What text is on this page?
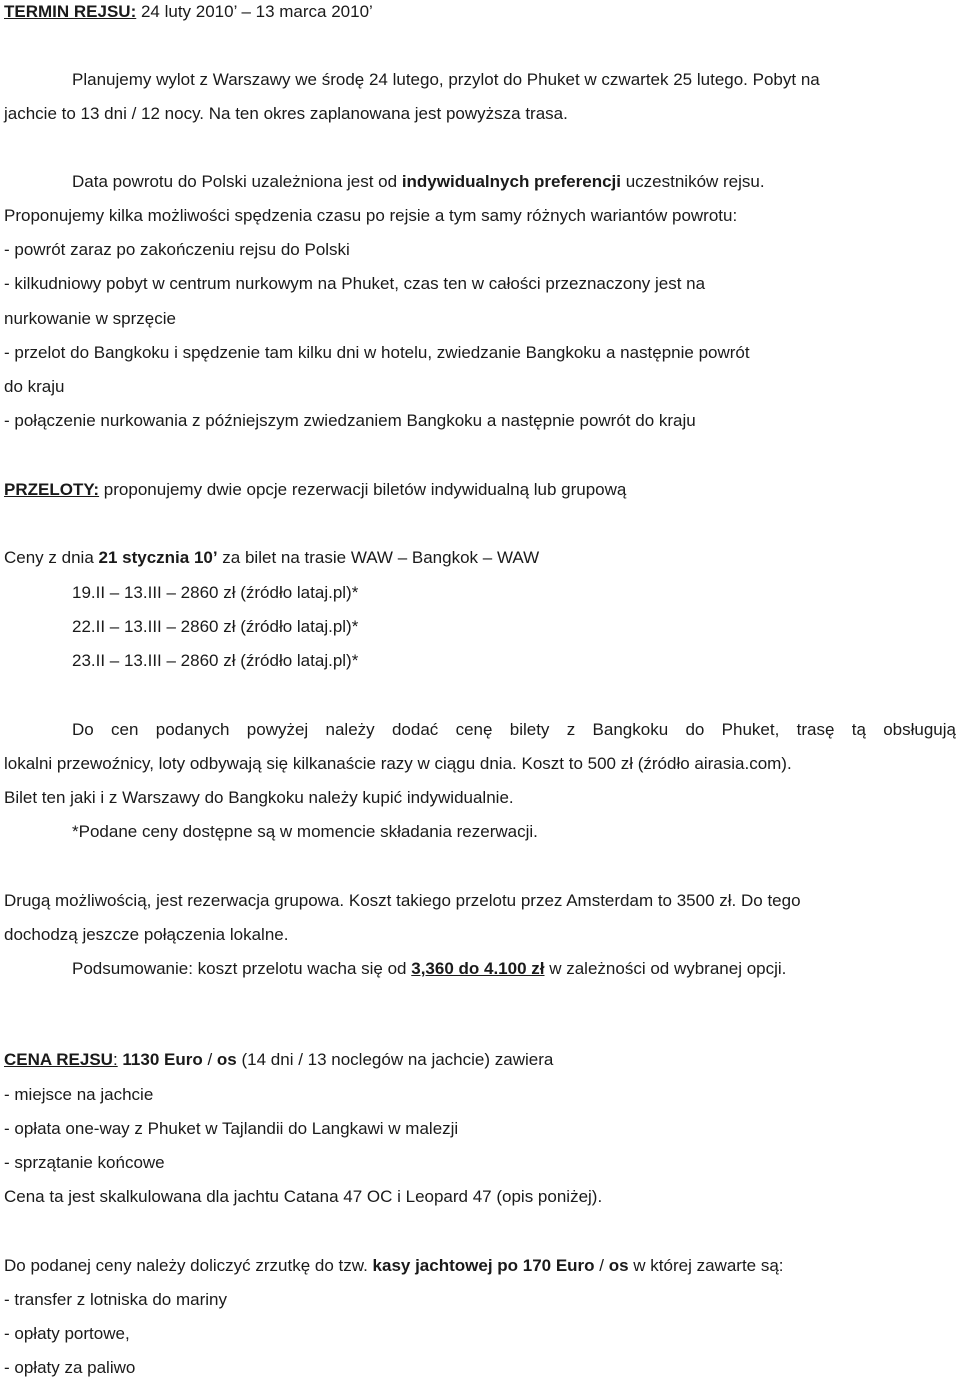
TERMIN REJSU: 24 luty 2010’ – 13 marca 2010’
Planujemy wylot z Warszawy we środę 24 lutego, przylot do Phuket w czwartek 25 lutego. Pobyt na
jachcie to 13 dni / 12 nocy. Na ten okres zaplanowana jest powyższa trasa.
Data powrotu do Polski uzależniona jest od indywidualnych preferencji uczestników rejsu.
Proponujemy kilka możliwości spędzenia czasu po rejsie a tym samy różnych wariantów powrotu:
- powrót zaraz po zakończeniu rejsu do Polski
- kilkudniowy pobyt w centrum nurkowym na Phuket, czas ten w całości przeznaczony jest na
nurkowanie w sprzęcie
- przelot do Bangkoku i spędzenie tam kilku dni w hotelu, zwiedzanie Bangkoku a następnie powrót
do kraju
- połączenie nurkowania z późniejszym zwiedzaniem Bangkoku a następnie powrót do kraju
PRZELOTY: proponujemy dwie opcje rezerwacji biletów indywidualną lub grupową
Ceny z dnia 21 stycznia 10’ za bilet na trasie WAW – Bangkok – WAW
19.II – 13.III – 2860 zł (źródło lataj.pl)*
22.II – 13.III – 2860 zł (źródło lataj.pl)*
23.II – 13.III – 2860 zł (źródło lataj.pl)*
Do cen podanych powyżej należy dodać cenę bilety z Bangkoku do Phuket, trasę tą obsługują
lokalni przewoźnicy, loty odbywają się kilkanaście razy w ciągu dnia. Koszt to 500 zł (źródło airasia.com).
Bilet ten jaki i z Warszawy do Bangkoku należy kupić indywidualnie.
*Podane ceny dostępne są w momencie składania rezerwacji.
Drugą możliwością, jest rezerwacja grupowa. Koszt takiego przelotu przez Amsterdam to 3500 zł. Do tego
dochodzą jeszcze połączenia lokalne.
Podsumowanie: koszt przelotu wacha się od 3,360 do 4.100 zł w zależności od wybranej opcji.
CENA REJSU: 1130 Euro / os (14 dni / 13 noclegów na jachcie) zawiera
- miejsce na jachcie
- opłata one-way z Phuket w Tajlandii do Langkawi w malezji
- sprzątanie końcowe
Cena ta jest skalkulowana dla jachtu Catana 47 OC i Leopard 47 (opis poniżej).
Do podanej ceny należy doliczyć zrzutkę do tzw. kasy jachtowej po 170 Euro / os w której zawarte są:
- transfer z lotniska do mariny
- opłaty portowe,
- opłaty za paliwo
